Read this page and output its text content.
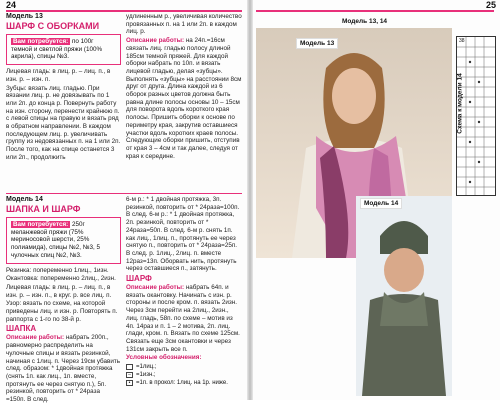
24
Модель 13
ШАРФ С ОБОРКАМИ
Вам потребуется: по 100г темной и светлой пряжи (100% акрила), спицы №3.
Лицевая гладь: в лиц. р. – лиц. п., в изн. р. – изн. п.
Зубцы: вязать лиц. гладью. При вязании лиц. р. не довязывать по 1 или 2п. до конца р. Повернуть работу на изн. сторону, перенести крайнюю п. с левой спицы на правую и вязать ряд в обратном направлении. В каждом последующем лиц. р. увеличивать группу из недовязанных п. на 1 или 2п. После того, как на спице останется 3 или 2п., продолжить
удлиненным р., увеличивая количество провязанных п. на 1 или 2п. в каждом лиц. р.
Описание работы: на 24п.=16см связать лиц. гладью полосу длиной 185см темной пряжей. Для каждой оборки набрать по 10п. и вязать лицевой гладью, делая «зубцы». Выполнять «зубцы» на расстоянии 8см друг от друга. Длина каждой из 6 оборок разных цветов должна быть равна длине полосы основы 10 – 15см для поворота вдоль короткого края полосы. Пришить оборки к основе по периметру края, закрутив оставшиеся участки вдоль коротких краев полосы. Следующие оборки пришить, отступив от края 3 – 4см и так далее, следуя от края к середине.
Модель 14
ШАПКА И ШАРФ
Вам потребуется: 250г меланжевой пряжи (75% мериносовой шерсти, 25% полиамида), спицы №2, №3, 5 чулочных спиц №2, №3.
Резинка: попеременно 1лиц., 1изн.
Окантовка: попеременно 2лиц., 2изн.
Лицевая гладь: в лиц. р. – лиц. п., в изн. р. – изн. п., в круг. р. все лиц. п.
Узор: вязать по схеме, на которой приведены лиц. и изн. р. Повторять п. раппорта с 1-го по 38-й р.
ШАПКА
Описание работы: набрать 200п., равномерно распределить на чулочные спицы и вязать резинкой, начиная с 1лиц. п. Через 19см убавить след. образом: * 1двойная протяжка (снять 1п. как лиц., 1п. вместе, протянуть ее через снятую п.), 5п. резинкой, повторить от * 24раза =150п. В след.
6-м р.: * 1 двойная протяжка, 3п. резинкой, повторить от * 24раза=100п. В след. 6-м р.: * 1 двойная протяжка, 2п. резинкой, повторить от * 24раза=50п. В след. 6-м р. снять 1п. как лиц., 1лиц. п., протянуть ее через снятую п., повторить от * 24раза=25п. В след. р. 1лиц., 2лиц. п. вместе 12раз=13п. Оборвать нить, протянуть через оставшиеся п., затянуть.
ШАРФ
Описание работы: набрать 64п. и вязать окантовку. Начинать с изн. р. стороны и после кром. п. вязать 2изн. Через 3см перейти на 2лиц., 2изн., лиц. гладь, 58п. по схеме – мотив из 4п. 14раз и п. 1 – 2 мотива, 2п. лиц. глади, кром. п. Вязать по схеме 125см. Связать еще 3см окантовки и через 131см закрыть все п.
Условные обозначения:
=1лиц.;
– =1изн.;
• =1п. в прокол: 1лиц. на 1р. ниже.
25
Модель 13, 14
Модель 13
Модель 14
38
Схема к модели 14
